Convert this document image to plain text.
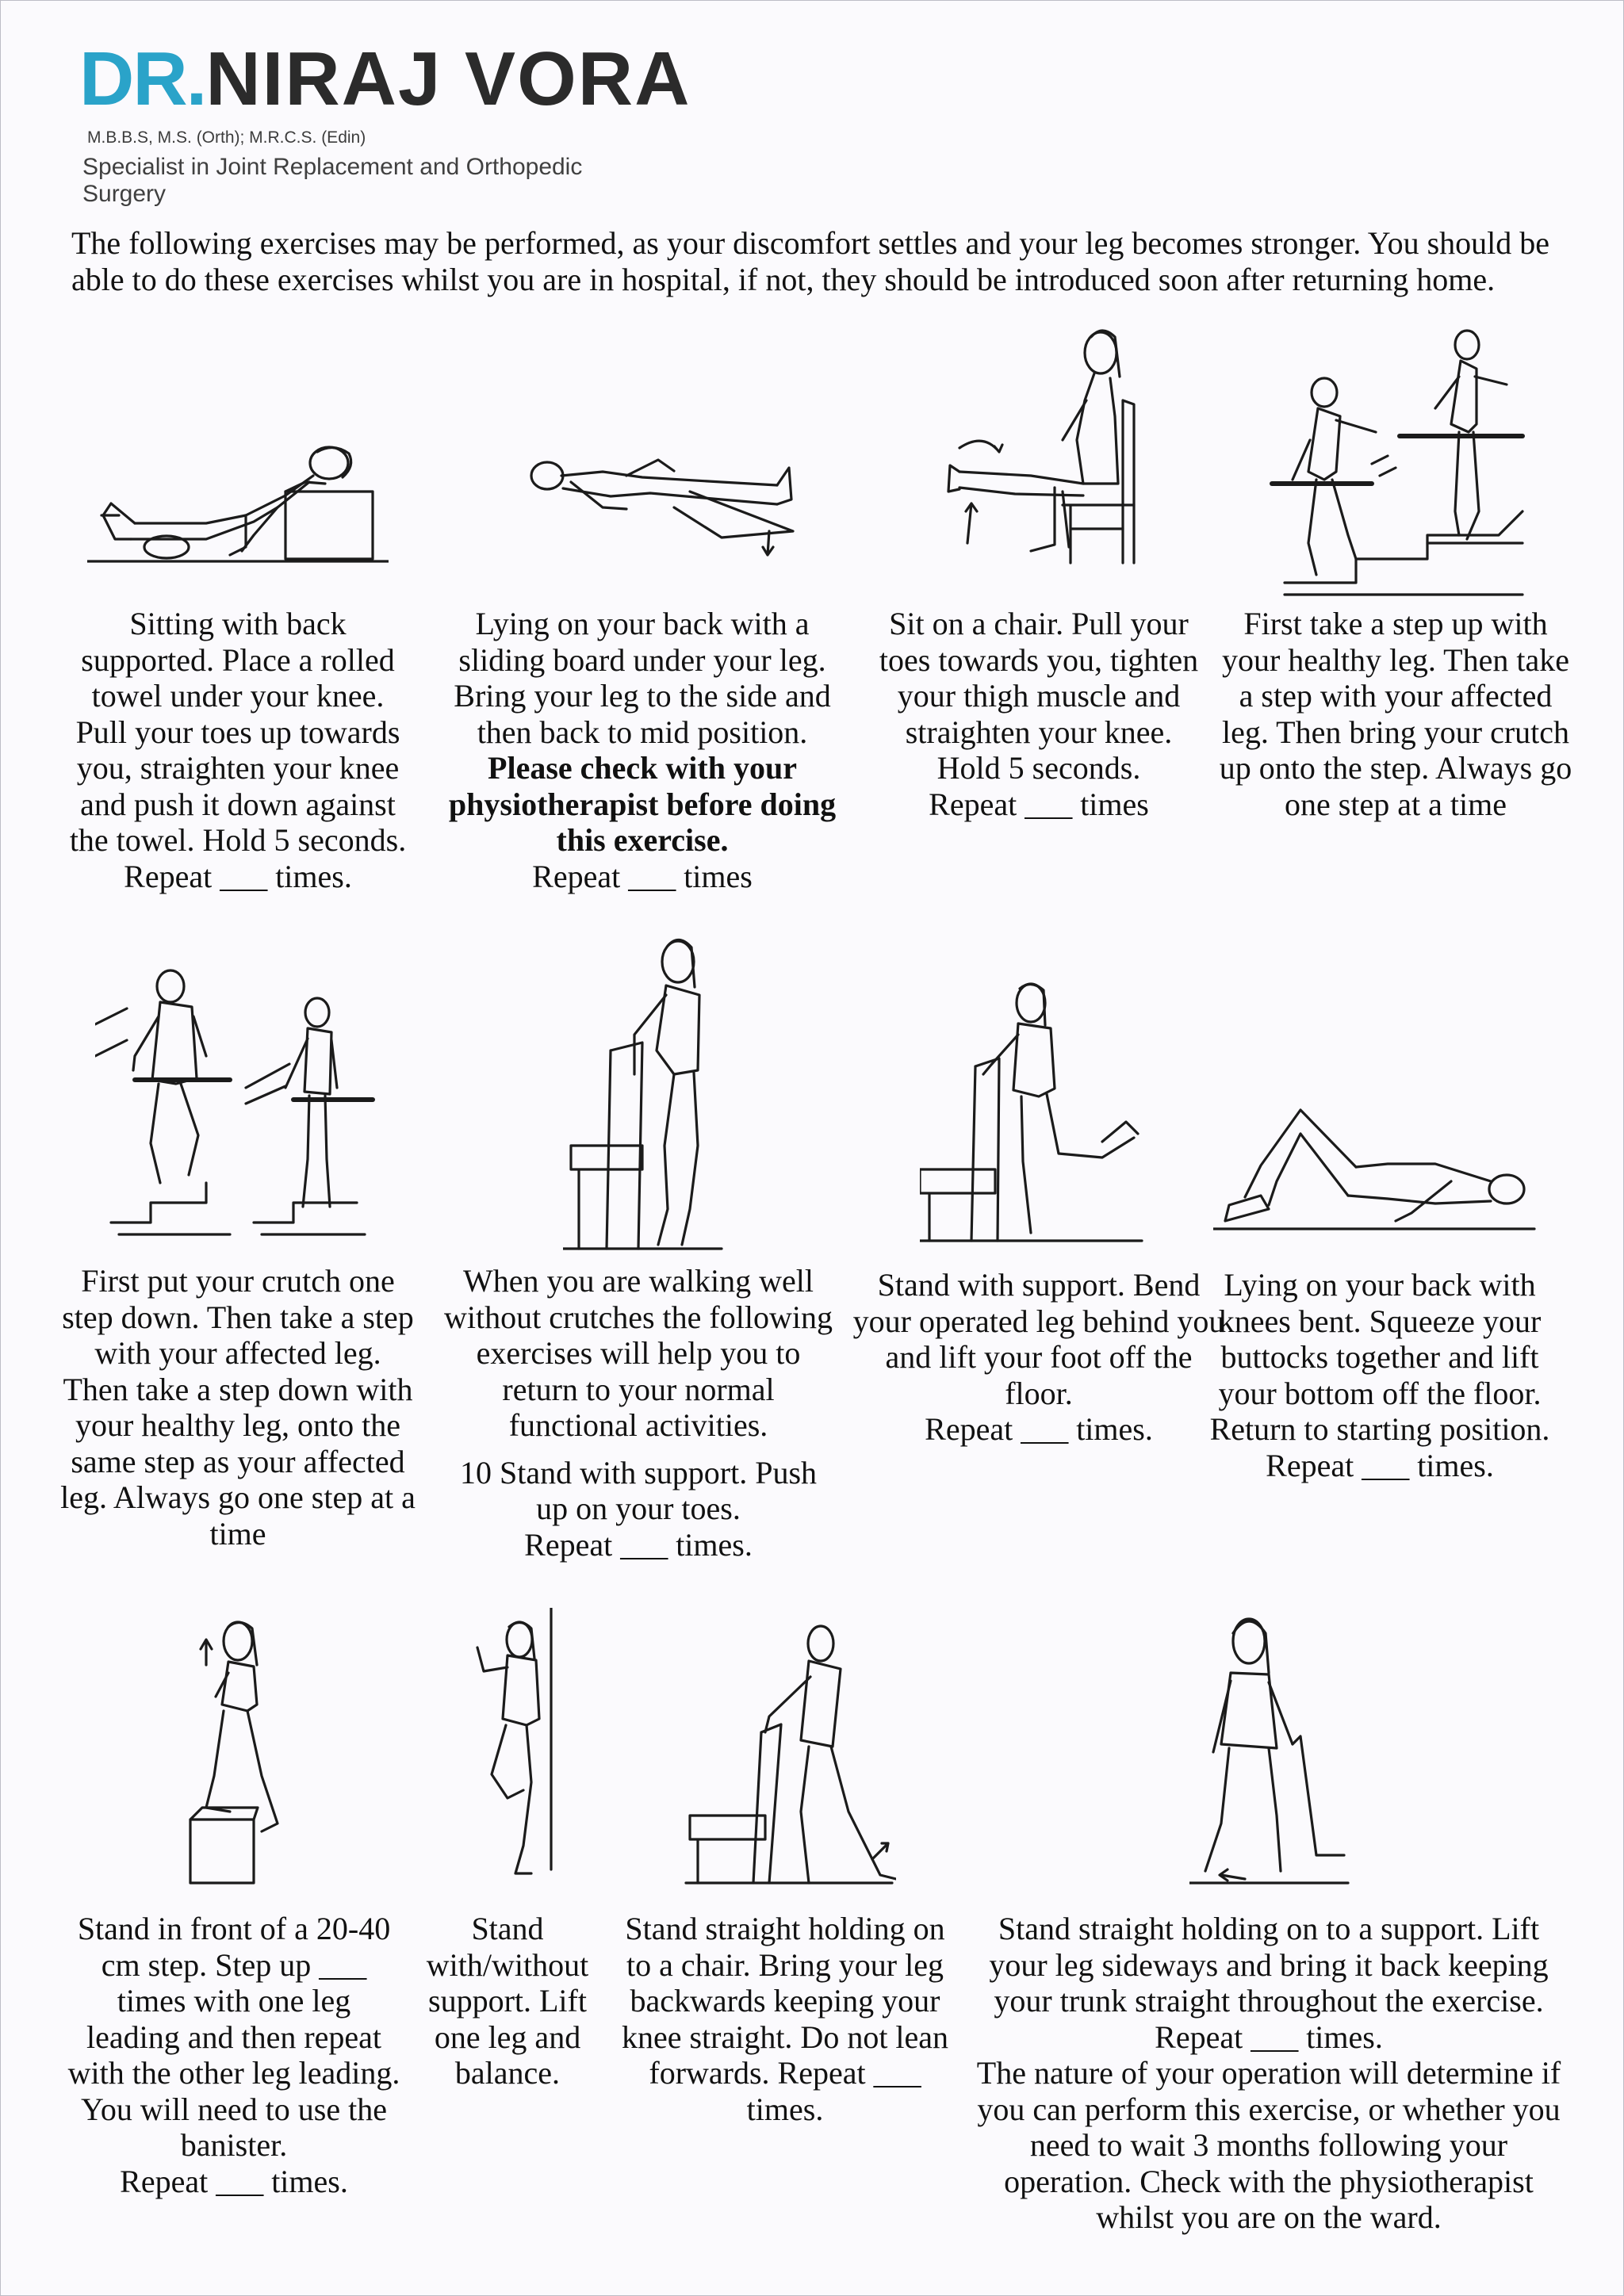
DR. NIRAJ VORA
M.B.B.S, M.S. (Orth); M.R.C.S. (Edin)
Specialist in Joint Replacement and Orthopedic Surgery
The following exercises may be performed, as your discomfort settles and your leg becomes stronger. You should be able to do these exercises whilst you are in hospital, if not, they should be introduced soon after returning home.

Sitting with back supported. Place a rolled towel under your knee. Pull your toes up towards you, straighten your knee and push it down against the towel. Hold 5 seconds.

Repeat ___ times.

Lying on your back with a sliding board under your leg. Bring your leg to the side and then back to mid position. Please check with your physiotherapist before doing this exercise.

Repeat ___ times

Sit on a chair. Pull your toes towards you, tighten your thigh muscle and straighten your knee. Hold 5 seconds.

Repeat ___ times

First take a step up with your healthy leg. Then take a step with your affected leg. Then bring your crutch up onto the step. Always go one step at a time

First put your crutch one step down. Then take a step with your affected leg. Then take a step down with your healthy leg, onto the same step as your affected leg. Always go one step at a time

When you are walking well without crutches the following exercises will help you to return to your normal functional activities.

10 Stand with support. Push up on your toes.

Repeat ___ times.

Stand with support. Bend your operated leg behind you and lift your foot off the floor.

Repeat ___ times.

Lying on your back with knees bent. Squeeze your buttocks together and lift your bottom off the floor. Return to starting position.

Repeat ___ times.

Stand in front of a 20-40 cm step. Step up ___ times with one leg leading and then repeat with the other leg leading. You will need to use the banister.

Repeat ___ times.

Stand with/without support. Lift one leg and balance.

Stand straight holding on to a chair. Bring your leg backwards keeping your knee straight. Do not lean forwards. Repeat ___ times.

Stand straight holding on to a support. Lift your leg sideways and bring it back keeping your trunk straight throughout the exercise.

Repeat ___ times.

The nature of your operation will determine if you can perform this exercise, or whether you need to wait 3 months following your operation. Check with the physiotherapist whilst you are on the ward.
